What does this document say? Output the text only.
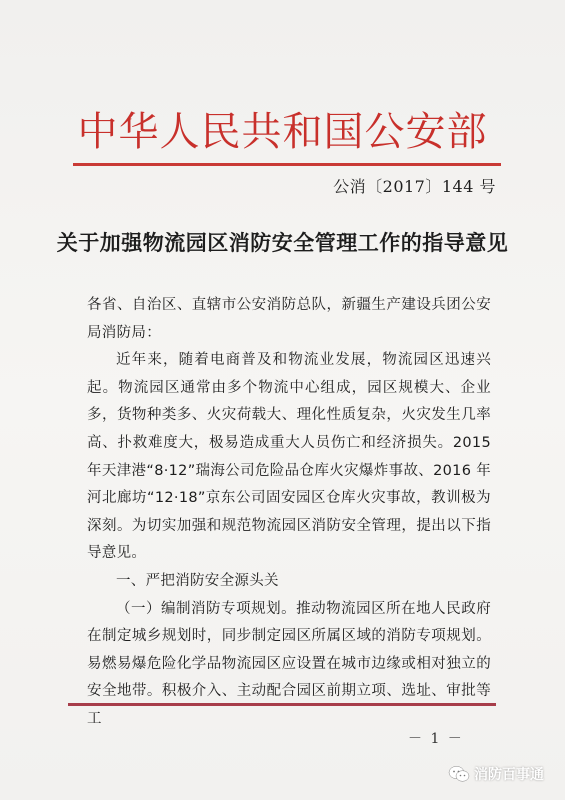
中华人民共和国公安部
公消〔2017〕144 号
关于加强物流园区消防安全管理工作的指导意见

各省、自治区、直辖市公安消防总队，新疆生产建设兵团公安局消防局：

近年来，随着电商普及和物流业发展，物流园区迅速兴起。物流园区通常由多个物流中心组成，园区规模大、企业多，货物种类多、火灾荷载大、理化性质复杂，火灾发生几率高、扑救难度大，极易造成重大人员伤亡和经济损失。2015 年天津港“8·12”瑞海公司危险品仓库火灾爆炸事故、2016 年河北廊坊“12·18”京东公司固安园区仓库火灾事故，教训极为深刻。为切实加强和规范物流园区消防安全管理，提出以下指导意见。

一、严把消防安全源头关

（一）编制消防专项规划。推动物流园区所在地人民政府在制定城乡规划时，同步制定园区所属区域的消防专项规划。易燃易爆危险化学品物流园区应设置在城市边缘或相对独立的安全地带。积极介入、主动配合园区前期立项、选址、审批等工

－ 1 －
消防百事通
